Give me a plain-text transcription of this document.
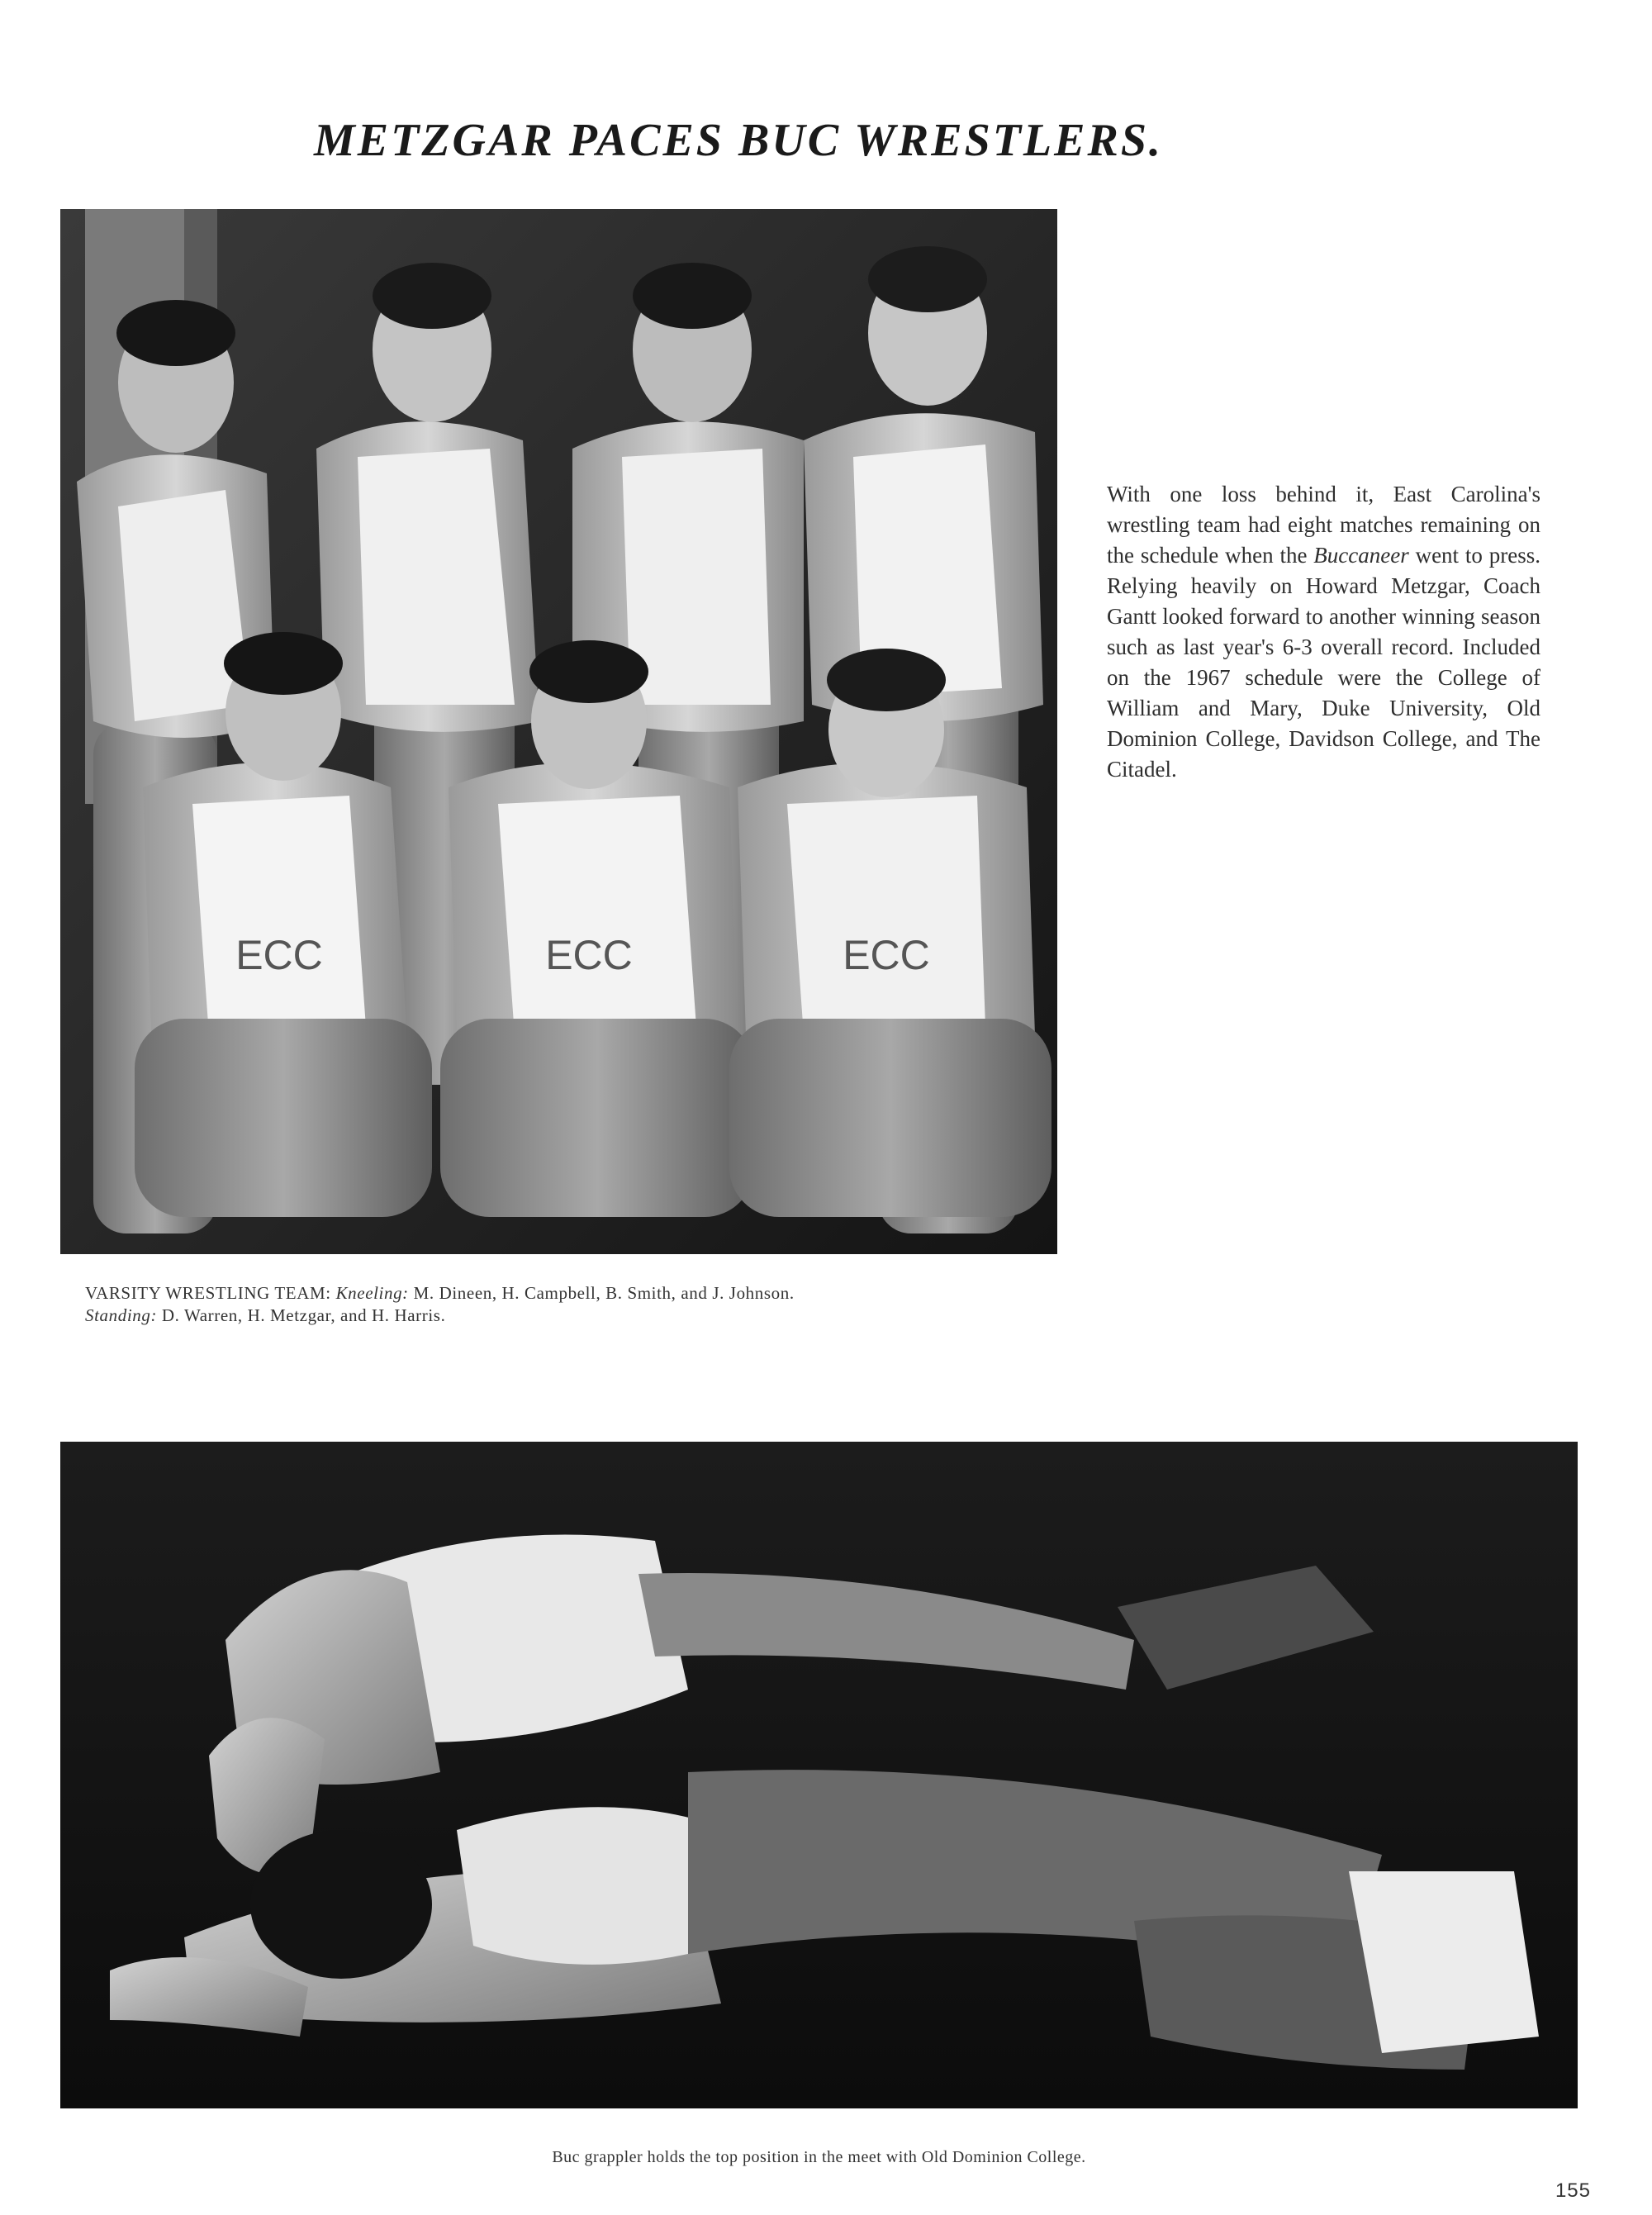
METZGAR PACES BUC WRESTLERS.
ECC	ECC	ECC
With one loss behind it, East Carolina's wrestling team had eight matches remaining on the schedule when the Buccaneer went to press. Relying heavily on Howard Metzgar, Coach Gantt looked forward to another winning season such as last year's 6-3 overall record. Included on the 1967 schedule were the College of William and Mary, Duke University, Old Dominion College, Davidson College, and The Citadel.
VARSITY WRESTLING TEAM: Kneeling: M. Dineen, H. Campbell, B. Smith, and J. Johnson.
Standing: D. Warren, H. Metzgar, and H. Harris.
Buc grappler holds the top position in the meet with Old Dominion College.
155
